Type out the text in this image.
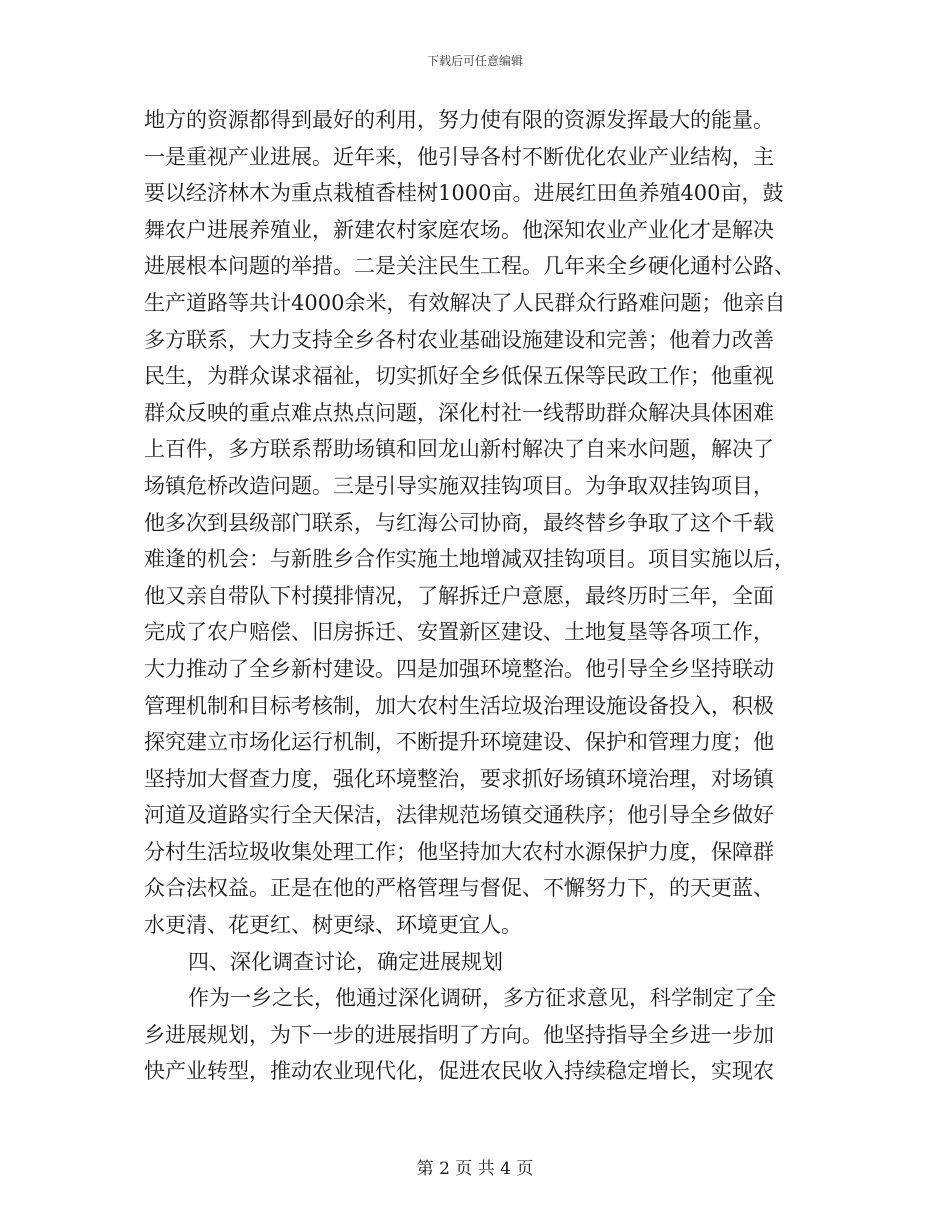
下载后可任意编辑
地方的资源都得到最好的利用，努力使有限的资源发挥最大的能量。
一是重视产业进展。近年来，他引导各村不断优化农业产业结构，主
要以经济林木为重点栽植香桂树1000亩。进展红田鱼养殖400亩，鼓
舞农户进展养殖业，新建农村家庭农场。他深知农业产业化才是解决
进展根本问题的举措。二是关注民生工程。几年来全乡硬化通村公路、
生产道路等共计4000余米，有效解决了人民群众行路难问题；他亲自
多方联系，大力支持全乡各村农业基础设施建设和完善；他着力改善
民生，为群众谋求福祉，切实抓好全乡低保五保等民政工作；他重视
群众反映的重点难点热点问题，深化村社一线帮助群众解决具体困难
上百件，多方联系帮助场镇和回龙山新村解决了自来水问题，解决了
场镇危桥改造问题。三是引导实施双挂钩项目。为争取双挂钩项目，
他多次到县级部门联系，与红海公司协商，最终替乡争取了这个千载
难逢的机会：与新胜乡合作实施土地增减双挂钩项目。项目实施以后，
他又亲自带队下村摸排情况，了解拆迁户意愿，最终历时三年，全面
完成了农户赔偿、旧房拆迁、安置新区建设、土地复垦等各项工作，
大力推动了全乡新村建设。四是加强环境整治。他引导全乡坚持联动
管理机制和目标考核制，加大农村生活垃圾治理设施设备投入，积极
探究建立市场化运行机制，不断提升环境建设、保护和管理力度；他
坚持加大督查力度，强化环境整治，要求抓好场镇环境治理，对场镇
河道及道路实行全天保洁，法律规范场镇交通秩序；他引导全乡做好
分村生活垃圾收集处理工作；他坚持加大农村水源保护力度，保障群
众合法权益。正是在他的严格管理与督促、不懈努力下，的天更蓝、
水更清、花更红、树更绿、环境更宜人。
四、深化调查讨论，确定进展规划
作为一乡之长，他通过深化调研，多方征求意见，科学制定了全
乡进展规划，为下一步的进展指明了方向。他坚持指导全乡进一步加
快产业转型，推动农业现代化，促进农民收入持续稳定增长，实现农
第 2 页 共 4 页
